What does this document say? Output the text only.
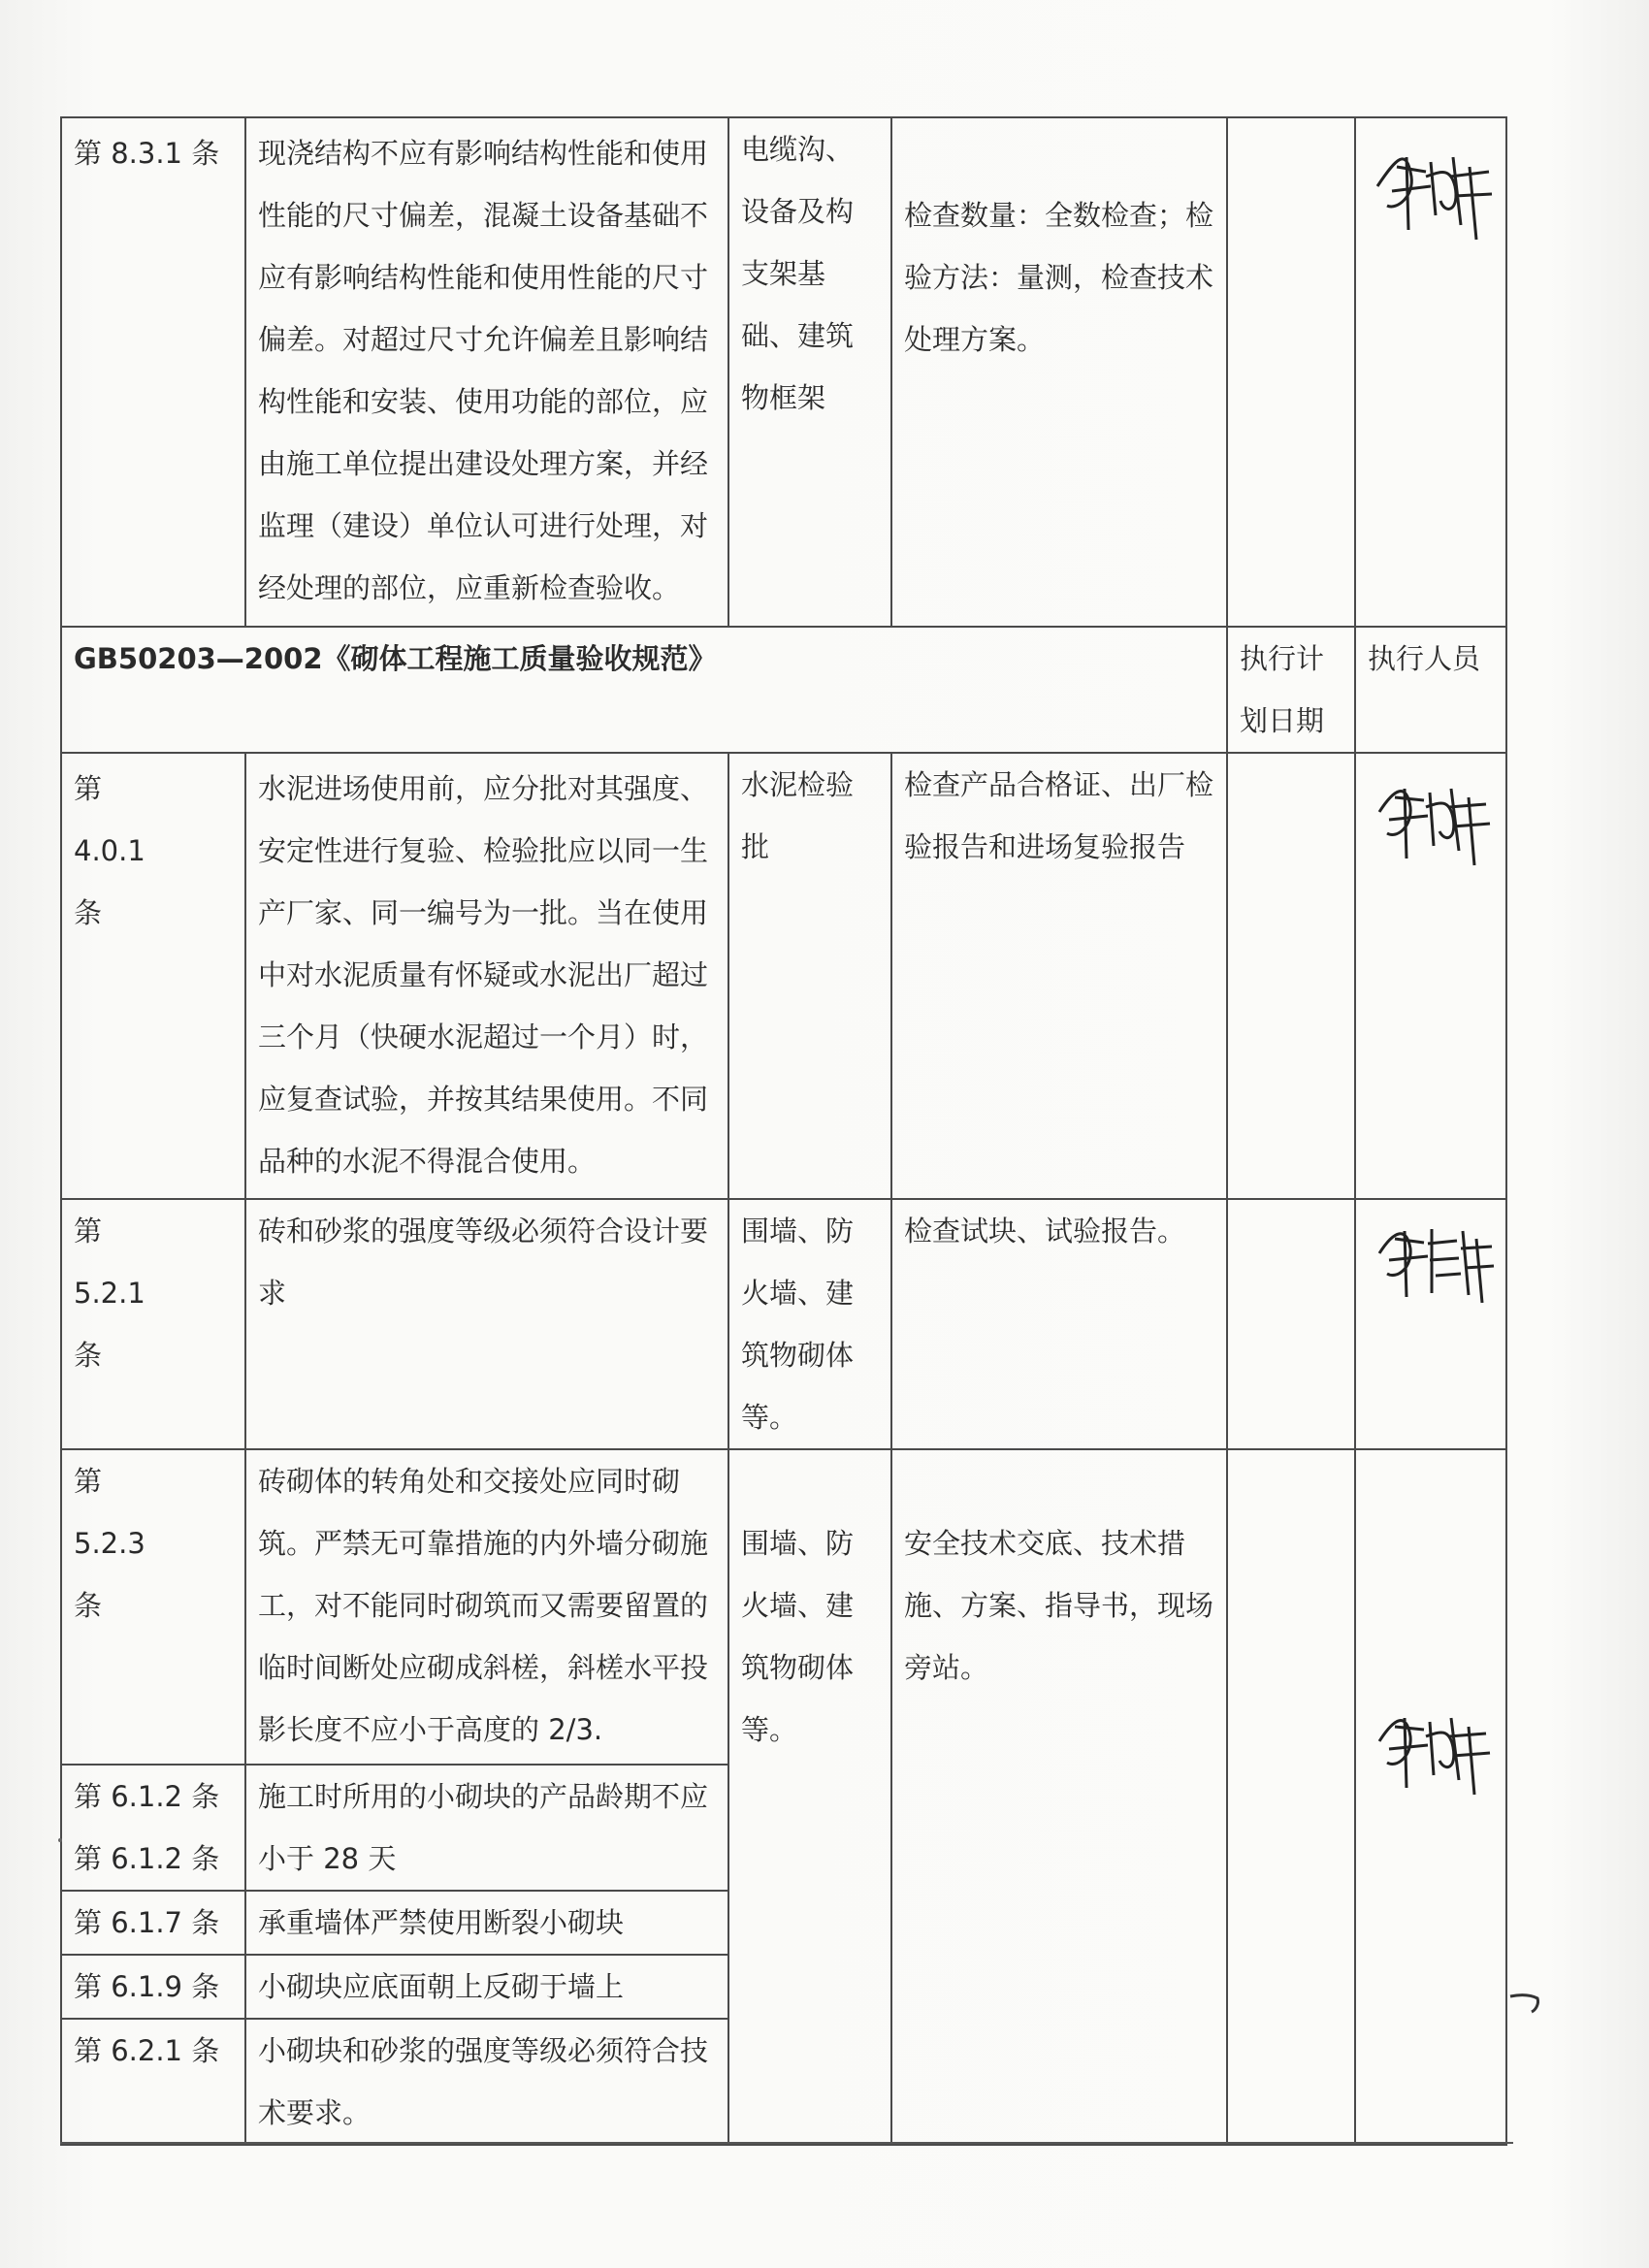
第 8.3.1 条	现浇结构不应有影响结构性能和使用性能的尺寸偏差，混凝土设备基础不应有影响结构性能和使用性能的尺寸偏差。对超过尺寸允许偏差且影响结构性能和安装、使用功能的部位，应由施工单位提出建设处理方案，并经监理（建设）单位认可进行处理，对经处理的部位，应重新检查验收。	电缆沟、设备及构支架基础、建筑物框架	检查数量：全数检查；检验方法：量测，检查技术处理方案。		

GB50203—2002《砌体工程施工质量验收规范》				执行计划日期	执行人员

第
4.0.1
条	水泥进场使用前，应分批对其强度、安定性进行复验、检验批应以同一生产厂家、同一编号为一批。当在使用中对水泥质量有怀疑或水泥出厂超过三个月（快硬水泥超过一个月）时，应复查试验，并按其结果使用。不同品种的水泥不得混合使用。	水泥检验批	检查产品合格证、出厂检验报告和进场复验报告		

第
5.2.1
条	砖和砂浆的强度等级必须符合设计要求	围墙、防火墙、建筑物砌体等。	检查试块、试验报告。		

第
5.2.3
条	砖砌体的转角处和交接处应同时砌筑。严禁无可靠措施的内外墙分砌施工，对不能同时砌筑而又需要留置的临时间断处应砌成斜槎，斜槎水平投影长度不应小于高度的 2/3.	围墙、防火墙、建筑物砌体等。	安全技术交底、技术措施、方案、指导书，现场旁站。		

第 6.1.2 条
第 6.1.2 条	施工时所用的小砌块的产品龄期不应小于 28 天				
第 6.1.7 条	承重墙体严禁使用断裂小砌块				
第 6.1.9 条	小砌块应底面朝上反砌于墙上				
第 6.2.1 条	小砌块和砂浆的强度等级必须符合技术要求。				
